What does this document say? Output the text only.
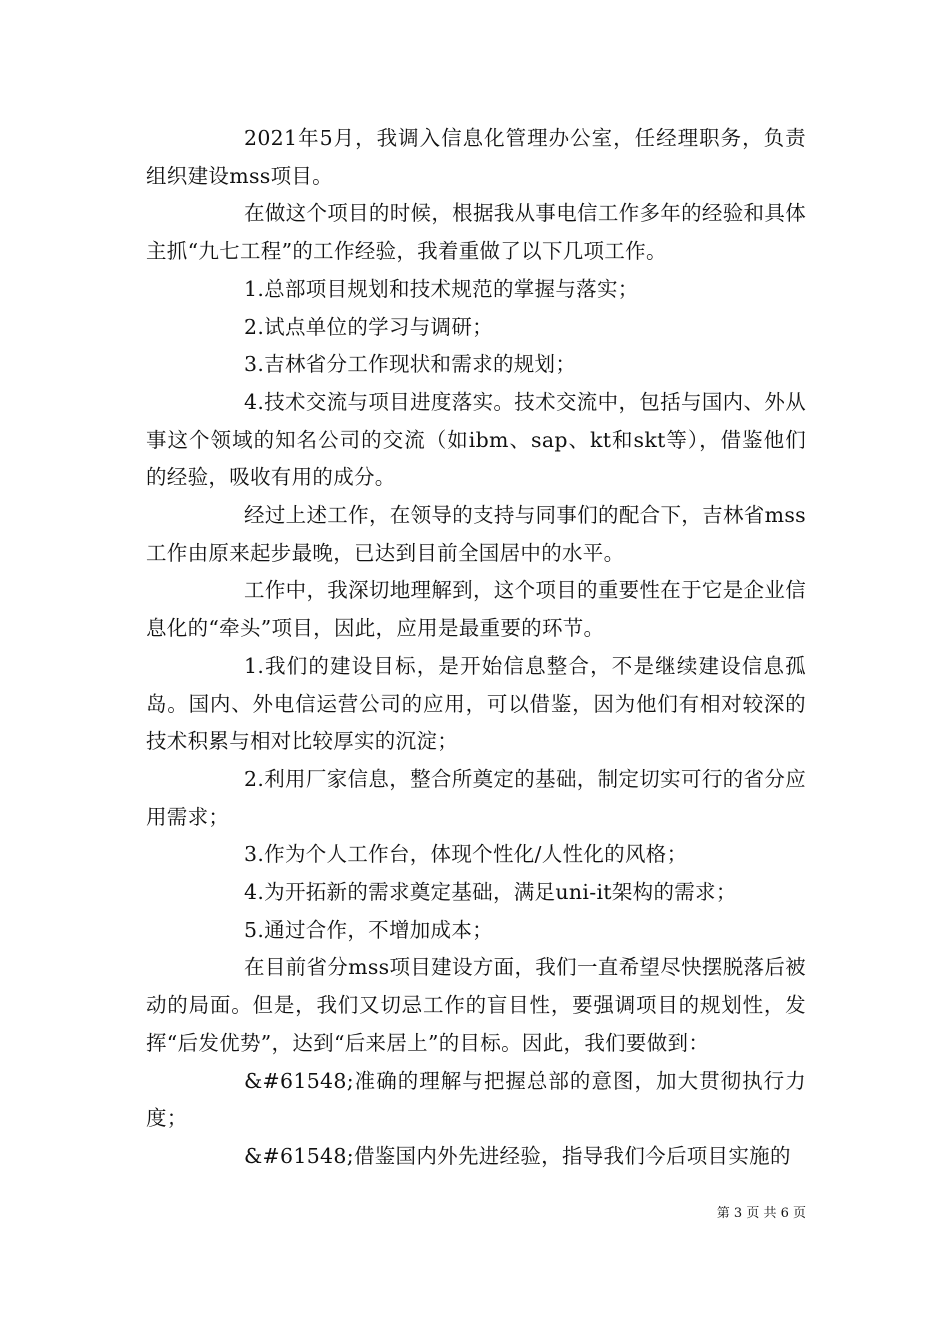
2021年5月，我调入信息化管理办公室，任经理职务，负责组织建设mss项目。

在做这个项目的时候，根据我从事电信工作多年的经验和具体主抓“九七工程”的工作经验，我着重做了以下几项工作。

1.总部项目规划和技术规范的掌握与落实；

2.试点单位的学习与调研；

3.吉林省分工作现状和需求的规划；

4.技术交流与项目进度落实。技术交流中，包括与国内、外从事这个领域的知名公司的交流（如ibm、sap、kt和skt等），借鉴他们的经验，吸收有用的成分。

经过上述工作，在领导的支持与同事们的配合下，吉林省mss工作由原来起步最晚，已达到目前全国居中的水平。

工作中，我深切地理解到，这个项目的重要性在于它是企业信息化的“牵头”项目，因此，应用是最重要的环节。

1.我们的建设目标，是开始信息整合，不是继续建设信息孤岛。国内、外电信运营公司的应用，可以借鉴，因为他们有相对较深的技术积累与相对比较厚实的沉淀；

2.利用厂家信息，整合所奠定的基础，制定切实可行的省分应用需求；

3.作为个人工作台，体现个性化/人性化的风格；

4.为开拓新的需求奠定基础，满足uni-it架构的需求；

5.通过合作，不增加成本；

在目前省分mss项目建设方面，我们一直希望尽快摆脱落后被动的局面。但是，我们又切忌工作的盲目性，要强调项目的规划性，发挥“后发优势”，达到“后来居上”的目标。因此，我们要做到：

&#61548;准确的理解与把握总部的意图，加大贯彻执行力度；

&#61548;借鉴国内外先进经验，指导我们今后项目实施的

第 3 页 共 6 页
